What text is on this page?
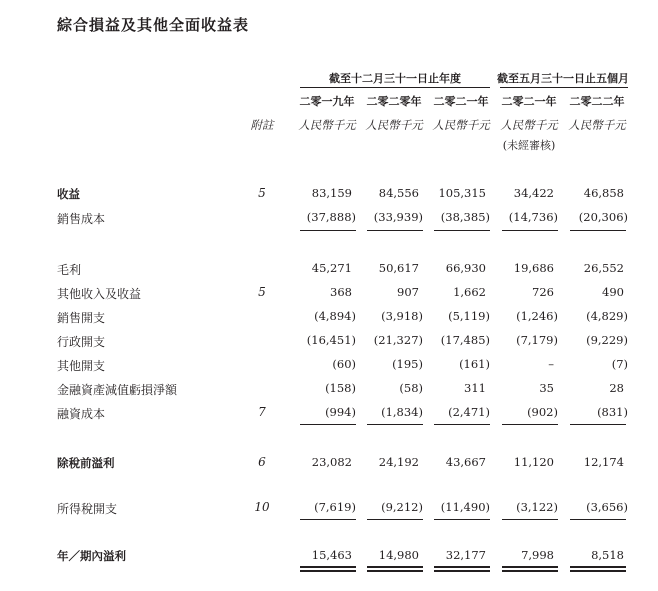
綜合損益及其他全面收益表
截至十二月三十一日止年度	截至五月三十一日止五個月
二零一九年 二零二零年 二零二一年 二零二一年 二零二二年
附註	人民幣千元 人民幣千元 人民幣千元 人民幣千元 人民幣千元
(未經審核)
收益	5	83,159	84,556	105,315	34,422	46,858
銷售成本	(37,888)	(33,939)	(38,385)	(14,736)	(20,306)
毛利	45,271	50,617	66,930	19,686	26,552
其他收入及收益	5	368	907	1,662	726	490
銷售開支	(4,894)	(3,918)	(5,119)	(1,246)	(4,829)
行政開支	(16,451)	(21,327)	(17,485)	(7,179)	(9,229)
其他開支	(60)	(195)	(161)	–	(7)
金融資產減值虧損淨額	(158)	(58)	311	35	28
融資成本	7	(994)	(1,834)	(2,471)	(902)	(831)
除稅前溢利	6	23,082	24,192	43,667	11,120	12,174
所得稅開支	10	(7,619)	(9,212)	(11,490)	(3,122)	(3,656)
年／期內溢利	15,463	14,980	32,177	7,998	8,518
